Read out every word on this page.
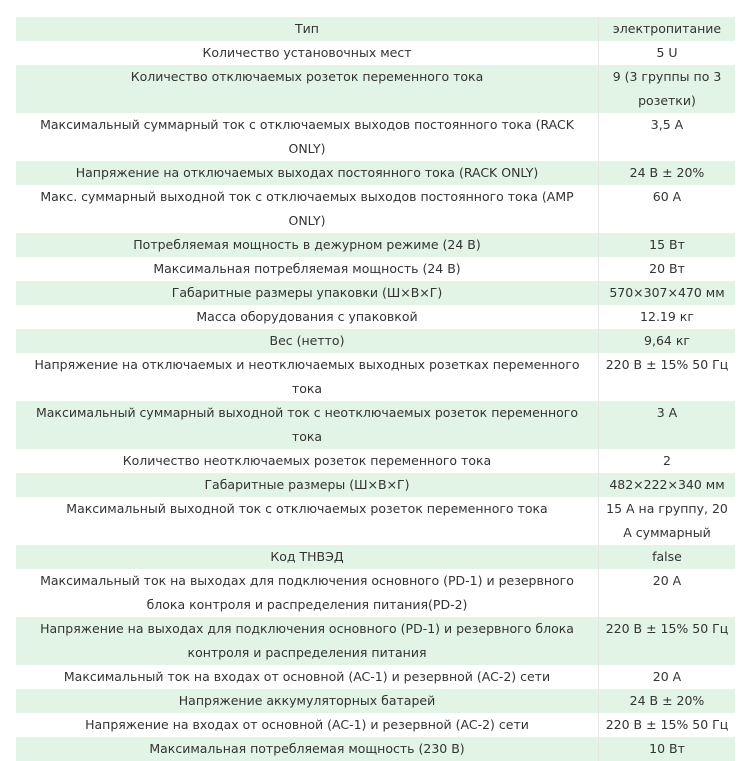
Тип	электропитание
Количество установочных мест	5 U
Количество отключаемых розеток переменного тока	9 (3 группы по 3 розетки)
Максимальный суммарный ток с отключаемых выходов постоянного тока (RACK ONLY)	3,5 А
Напряжение на отключаемых выходах постоянного тока (RACK ONLY)	24 В ± 20%
Макс. суммарный выходной ток с отключаемых выходов постоянного тока (AMP ONLY)	60 А
Потребляемая мощность в дежурном режиме (24 В)	15 Вт
Максимальная потребляемая мощность (24 В)	20 Вт
Габаритные размеры упаковки (Ш×В×Г)	570×307×470 мм
Масса оборудования с упаковкой	12.19 кг
Вес (нетто)	9,64 кг
Напряжение на отключаемых и неотключаемых выходных розетках переменного тока	220 В ± 15% 50 Гц
Максимальный суммарный выходной ток с неотключаемых розеток переменного тока	3 А
Количество неотключаемых розеток переменного тока	2
Габаритные размеры (Ш×В×Г)	482×222×340 мм
Максимальный выходной ток с отключаемых розеток переменного тока	15 А на группу, 20 А суммарный
Код ТНВЭД	false
Максимальный ток на выходах для подключения основного (PD-1) и резервного блока контроля и распределения питания(PD-2)	20 А
Напряжение на выходах для подключения основного (PD-1) и резервного блока контроля и распределения питания	220 В ± 15% 50 Гц
Максимальный ток на входах от основной (AC-1) и резервной (AC-2) сети	20 А
Напряжение аккумуляторных батарей	24 В ± 20%
Напряжение на входах от основной (AC-1) и резервной (AC-2) сети	220 В ± 15% 50 Гц
Максимальная потребляемая мощность (230 В)	10 Вт
